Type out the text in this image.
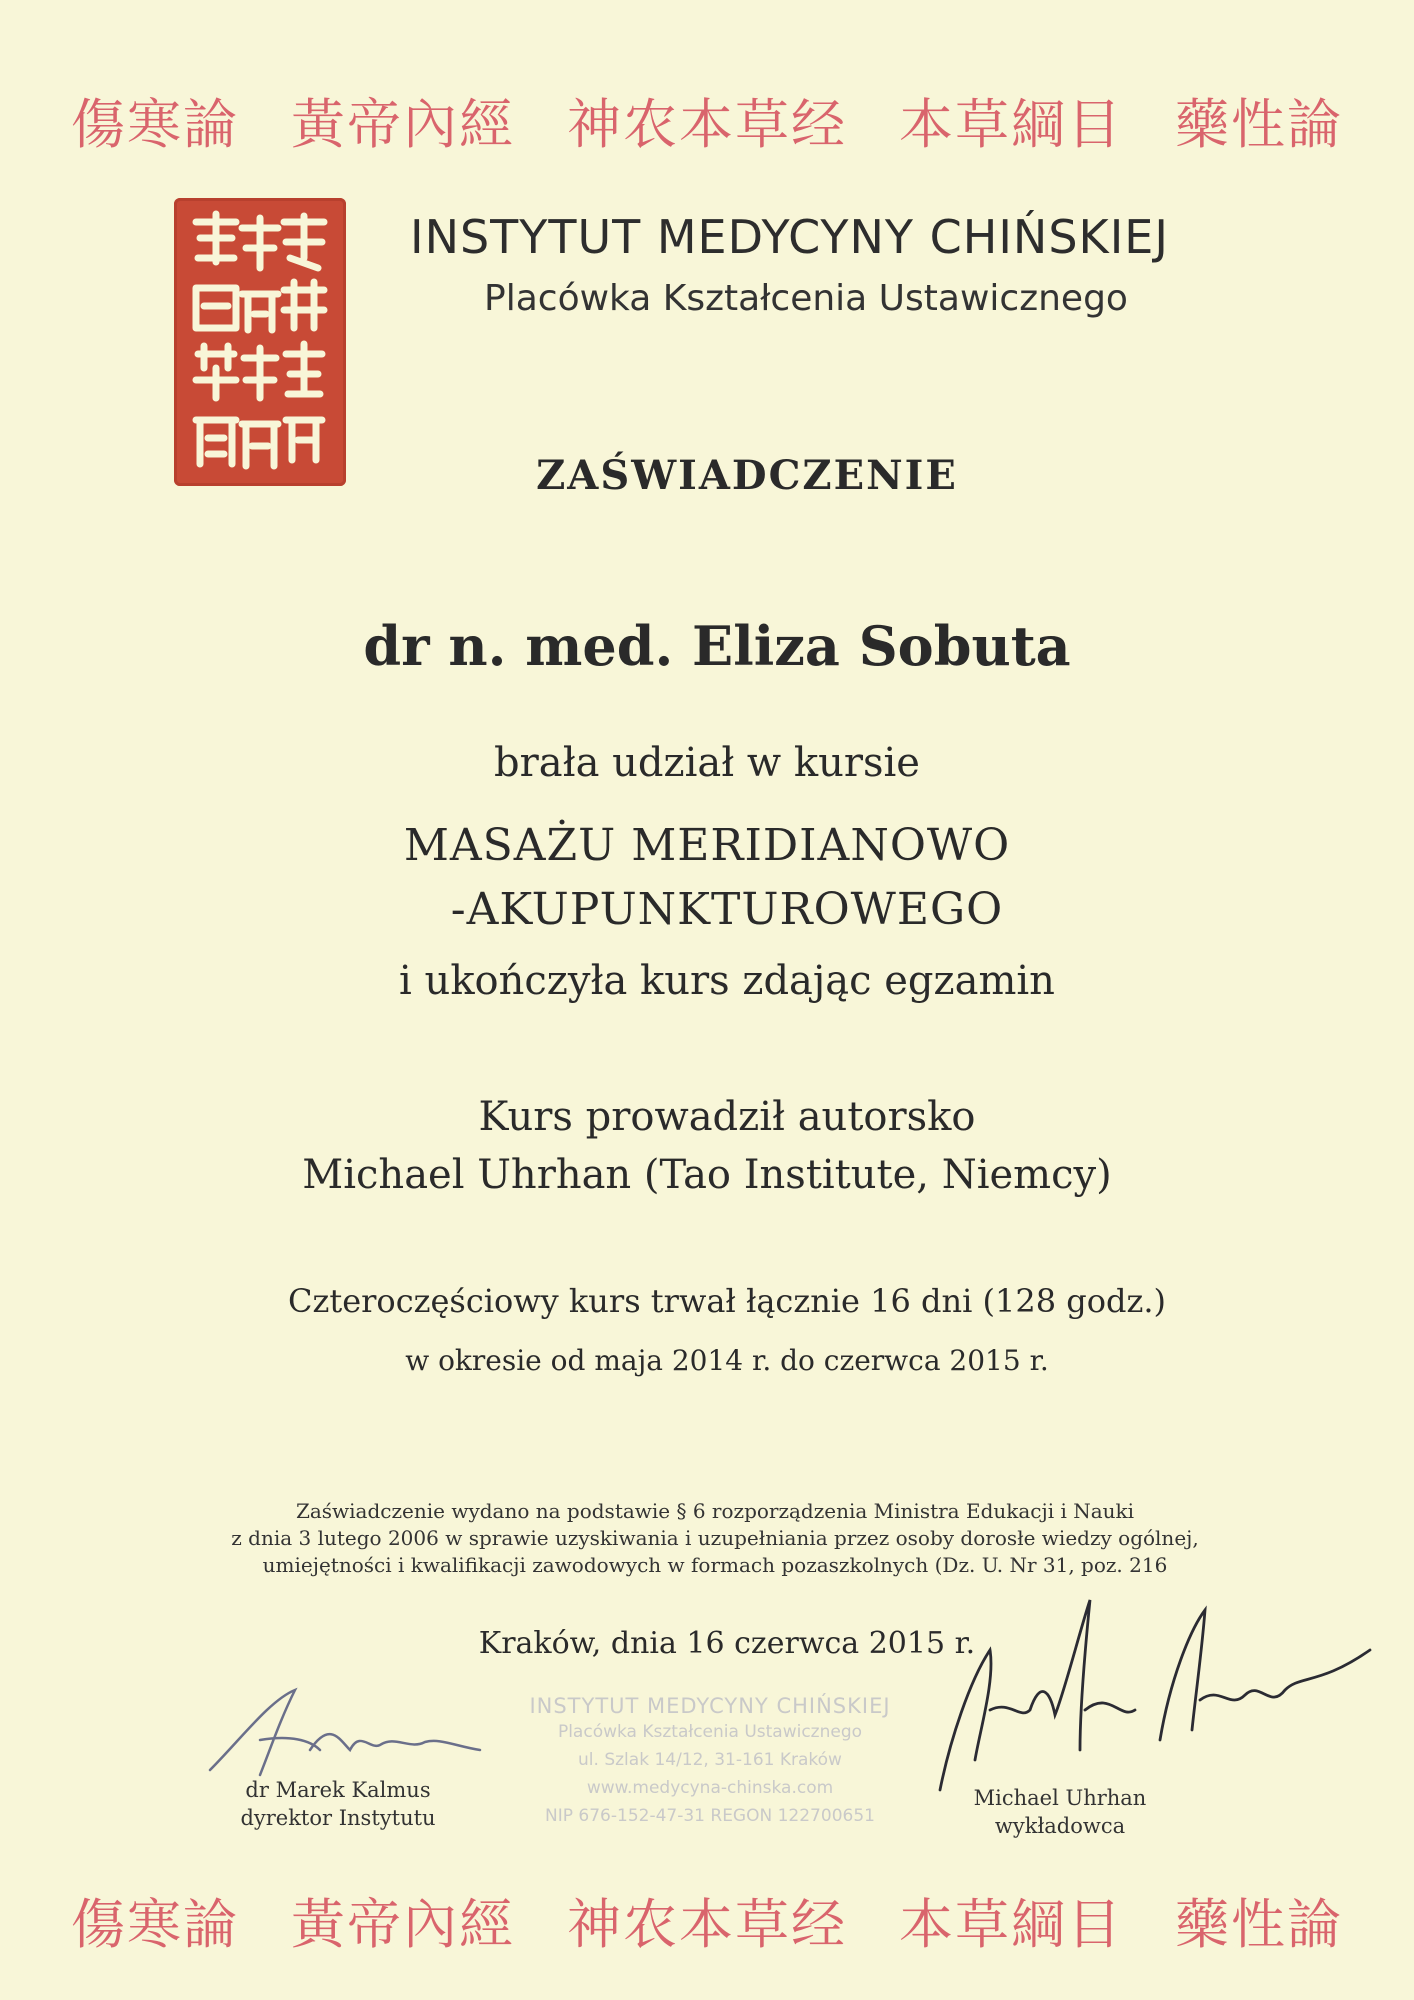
傷寒論 黃帝內經 神农本草经 本草綱目 藥性論
INSTYTUT MEDYCYNY CHIŃSKIEJ
Placówka Kształcenia Ustawicznego
ZAŚWIADCZENIE
dr n. med. Eliza Sobuta
brała udział w kursie
MASAŻU MERIDIANOWO
-AKUPUNKTUROWEGO
i ukończyła kurs zdając egzamin
Kurs prowadził autorsko
Michael Uhrhan (Tao Institute, Niemcy)
Czteroczęściowy kurs trwał łącznie 16 dni (128 godz.)
w okresie od maja 2014 r. do czerwca 2015 r.
Zaświadczenie wydano na podstawie § 6 rozporządzenia Ministra Edukacji i Nauki
z dnia 3 lutego 2006 w sprawie uzyskiwania i uzupełniania przez osoby dorosłe wiedzy ogólnej,
umiejętności i kwalifikacji zawodowych w formach pozaszkolnych (Dz. U. Nr 31, poz. 216
Kraków, dnia 16 czerwca 2015 r.
INSTYTUT MEDYCYNY CHIŃSKIEJ
Placówka Kształcenia Ustawicznego
ul. Szlak 14/12, 31-161 Kraków
www.medycyna-chinska.com
NIP 676-152-47-31 REGON 122700651
dr Marek Kalmus
dyrektor Instytutu
Michael Uhrhan
wykładowca
傷寒論 黃帝內經 神农本草经 本草綱目 藥性論
